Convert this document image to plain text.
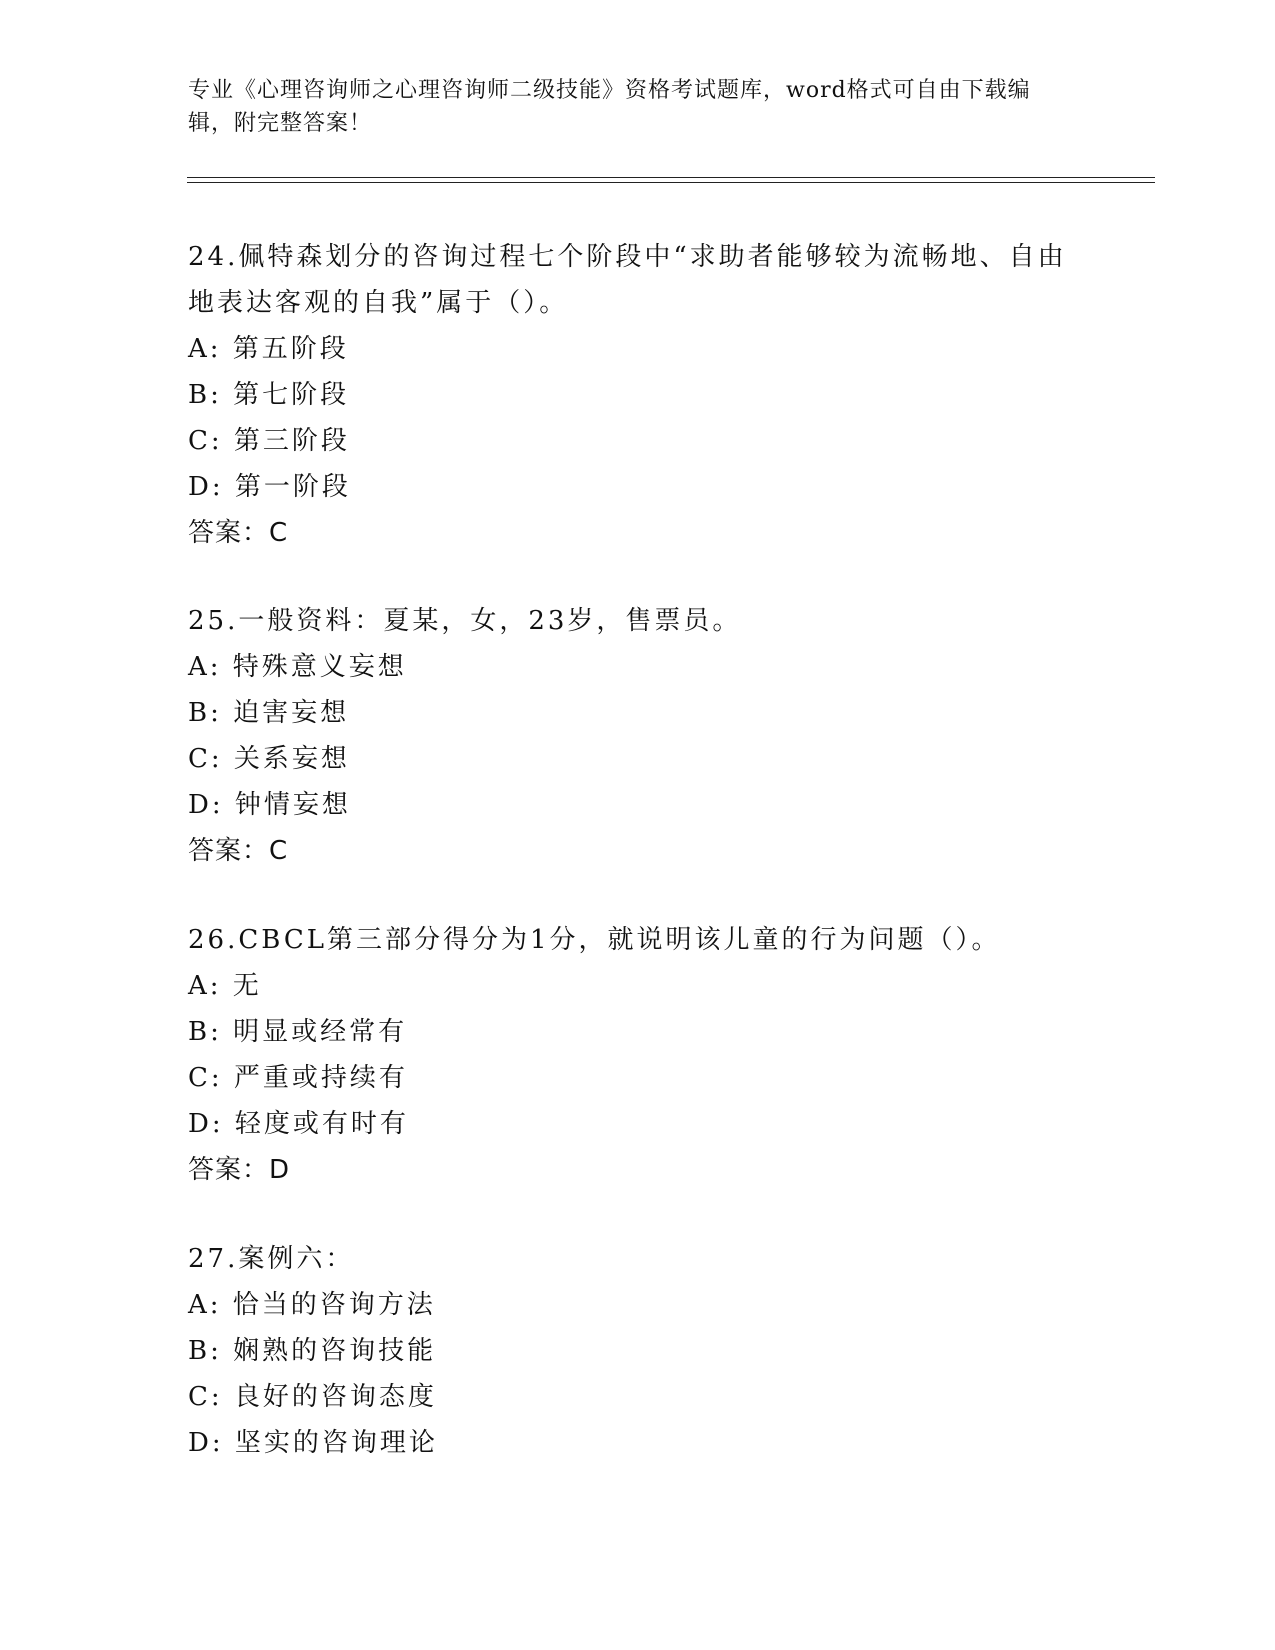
专业《心理咨询师之心理咨询师二级技能》资格考试题库，word格式可自由下载编辑，附完整答案！

24.佩特森划分的咨询过程七个阶段中“求助者能够较为流畅地、自由地表达客观的自我”属于（）。

A: 第五阶段

B: 第七阶段

C: 第三阶段

D: 第一阶段

答案：C

25.一般资料：夏某，女，23岁，售票员。

A: 特殊意义妄想

B: 迫害妄想

C: 关系妄想

D: 钟情妄想

答案：C

26.CBCL第三部分得分为1分，就说明该儿童的行为问题（）。

A: 无

B: 明显或经常有

C: 严重或持续有

D: 轻度或有时有

答案：D

27.案例六：

A: 恰当的咨询方法

B: 娴熟的咨询技能

C: 良好的咨询态度

D: 坚实的咨询理论
